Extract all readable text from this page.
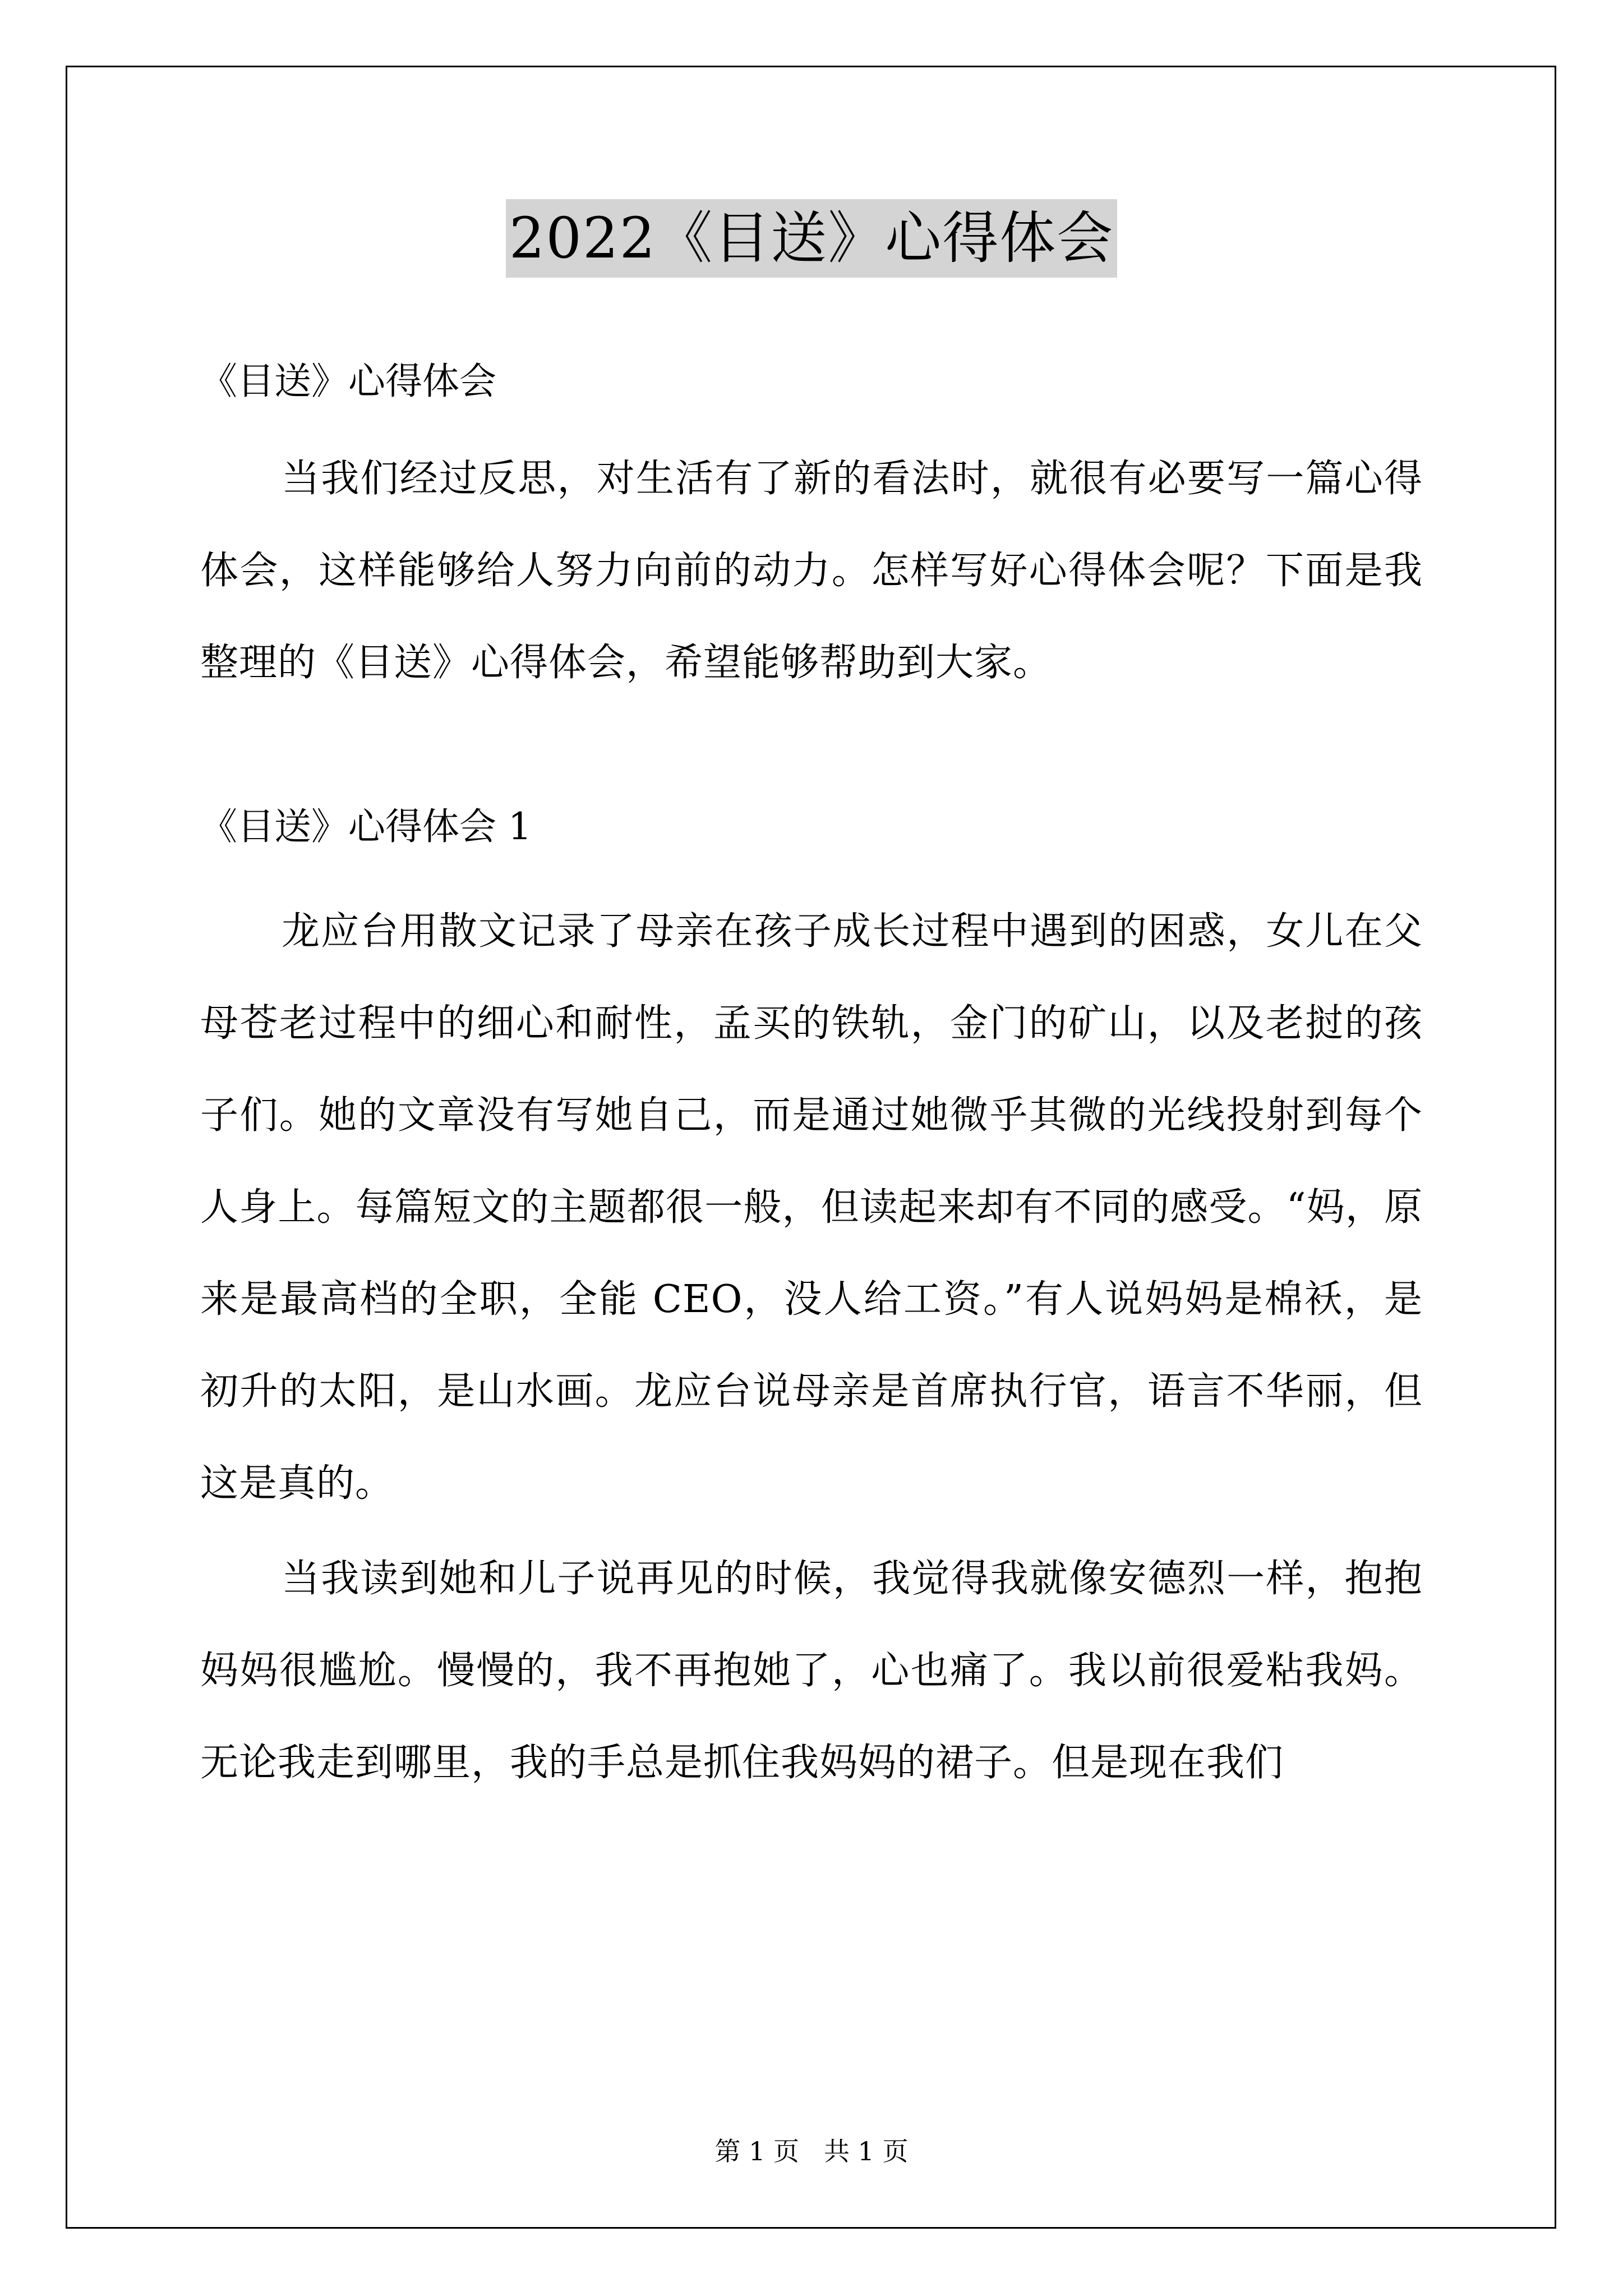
2022《目送》心得体会

《目送》心得体会

当我们经过反思，对生活有了新的看法时，就很有必要写一篇心得体会，这样能够给人努力向前的动力。怎样写好心得体会呢？下面是我整理的《目送》心得体会，希望能够帮助到大家。

《目送》心得体会 1

龙应台用散文记录了母亲在孩子成长过程中遇到的困惑，女儿在父母苍老过程中的细心和耐性，孟买的铁轨，金门的矿山，以及老挝的孩子们。她的文章没有写她自己，而是通过她微乎其微的光线投射到每个人身上。每篇短文的主题都很一般，但读起来却有不同的感受。“妈，原来是最高档的全职，全能 CEO，没人给工资。”有人说妈妈是棉袄，是初升的太阳，是山水画。龙应台说母亲是首席执行官，语言不华丽，但这是真的。

当我读到她和儿子说再见的时候，我觉得我就像安德烈一样，抱抱妈妈很尴尬。慢慢的，我不再抱她了，心也痛了。我以前很爱粘我妈。无论我走到哪里，我的手总是抓住我妈妈的裙子。但是现在我们

第 1 页 共 1 页
